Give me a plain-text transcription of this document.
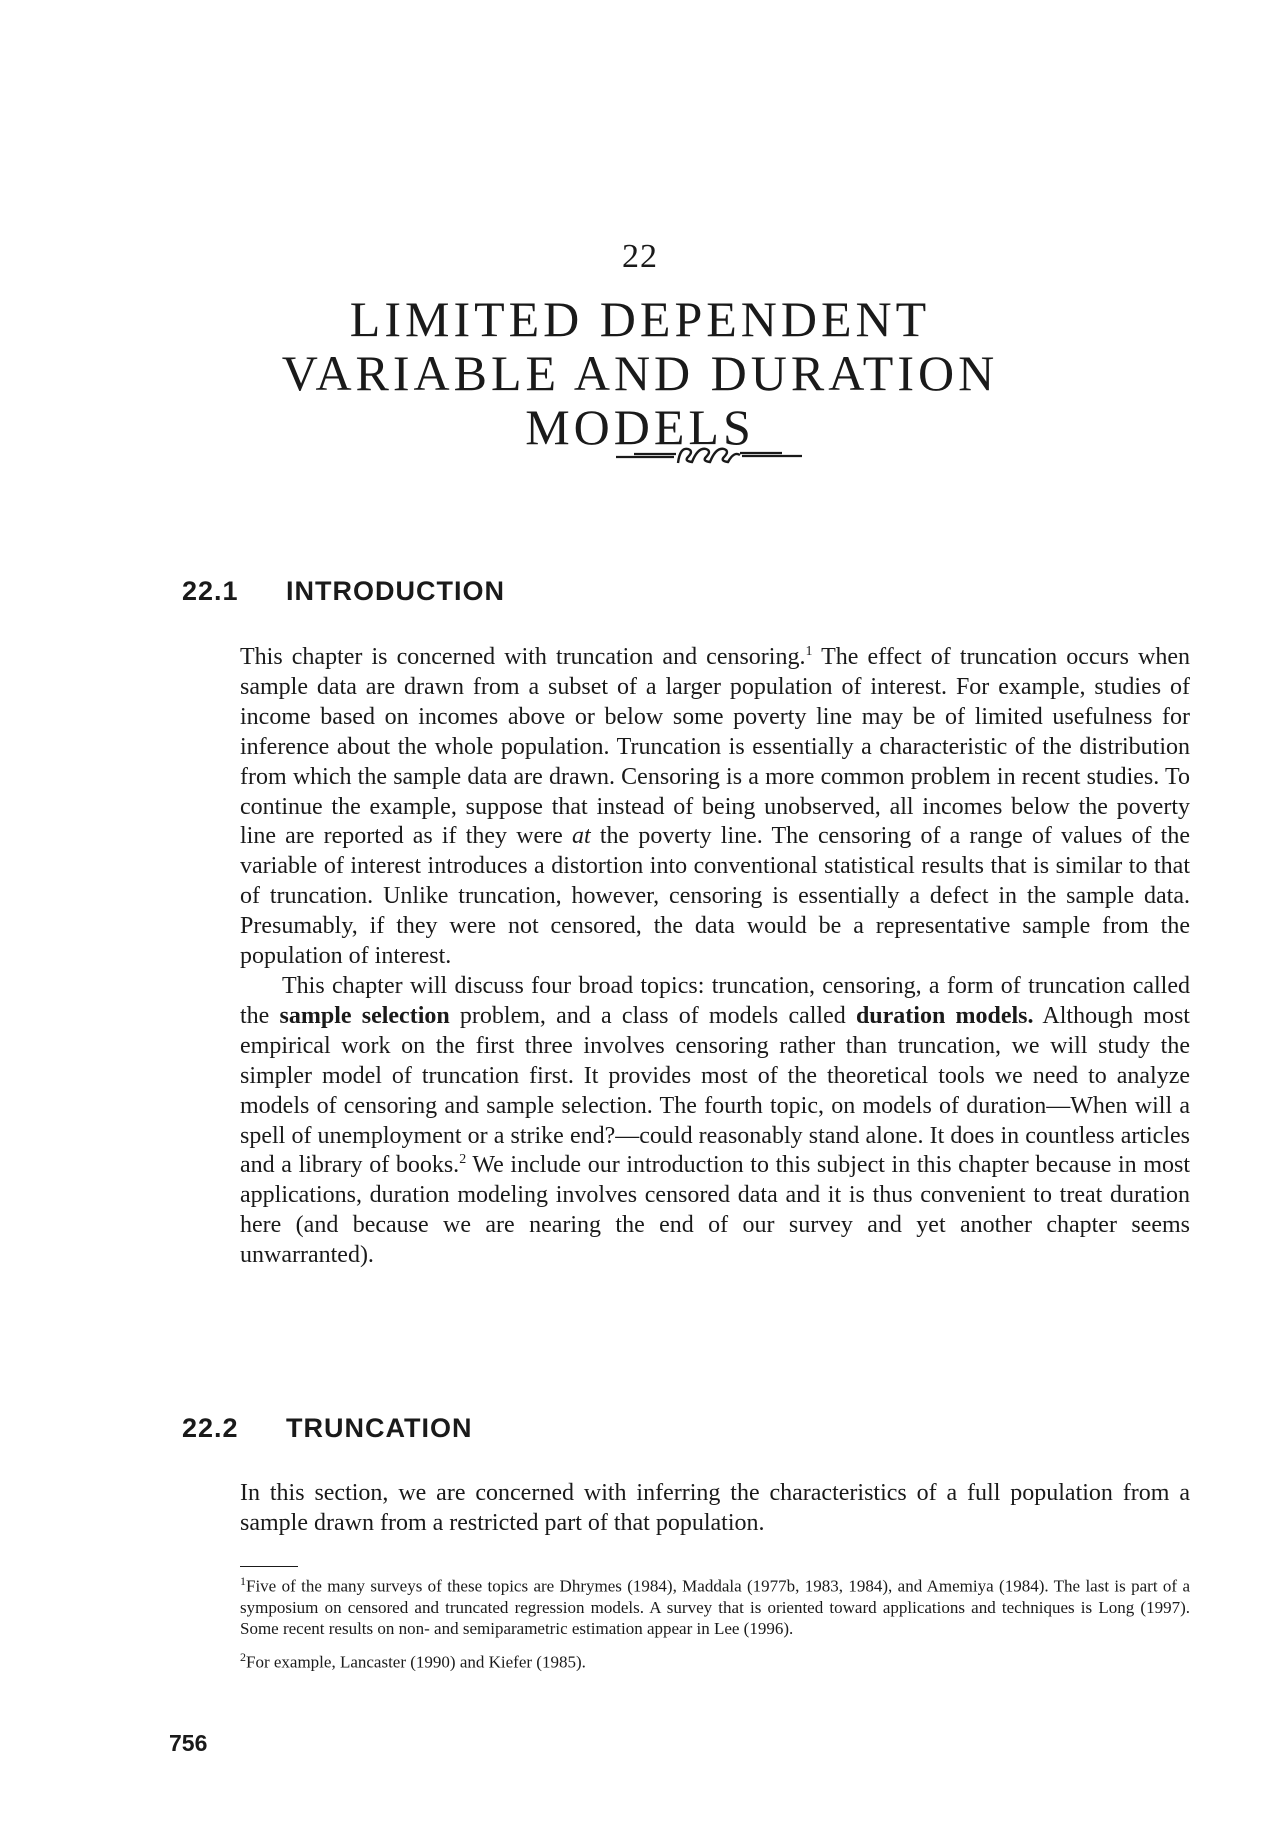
22
LIMITED DEPENDENT
VARIABLE AND DURATION
MODELS
22.1 INTRODUCTION

This chapter is concerned with truncation and censoring.$^1$ The effect of truncation occurs when sample data are drawn from a subset of a larger population of interest. For example, studies of income based on incomes above or below some poverty line may be of limited usefulness for inference about the whole population. Truncation is essentially a characteristic of the distribution from which the sample data are drawn. Censoring is a more common problem in recent studies. To continue the example, suppose that instead of being unobserved, all incomes below the poverty line are reported as if they were at the poverty line. The censoring of a range of values of the variable of interest introduces a distortion into conventional statistical results that is similar to that of truncation. Unlike truncation, however, censoring is essentially a defect in the sample data. Presumably, if they were not censored, the data would be a representative sample from the population of interest.

This chapter will discuss four broad topics: truncation, censoring, a form of truncation called the sample selection problem, and a class of models called duration models. Although most empirical work on the first three involves censoring rather than truncation, we will study the simpler model of truncation first. It provides most of the theoretical tools we need to analyze models of censoring and sample selection. The fourth topic, on models of duration—When will a spell of unemployment or a strike end?—could reasonably stand alone. It does in countless articles and a library of books.$^2$ We include our introduction to this subject in this chapter because in most applications, duration modeling involves censored data and it is thus convenient to treat duration here (and because we are nearing the end of our survey and yet another chapter seems unwarranted).

22.2 TRUNCATION

In this section, we are concerned with inferring the characteristics of a full population from a sample drawn from a restricted part of that population.

$^1$Five of the many surveys of these topics are Dhrymes (1984), Maddala (1977b, 1983, 1984), and Amemiya (1984). The last is part of a symposium on censored and truncated regression models. A survey that is oriented toward applications and techniques is Long (1997). Some recent results on non- and semiparametric estimation appear in Lee (1996).

$^2$For example, Lancaster (1990) and Kiefer (1985).

756
